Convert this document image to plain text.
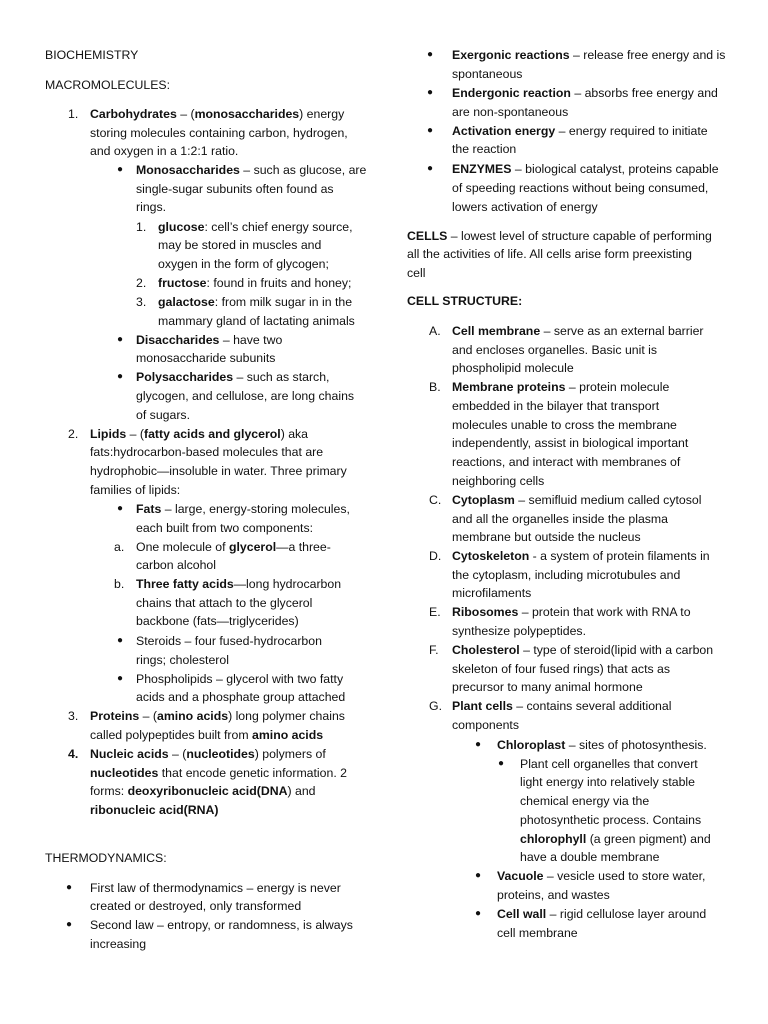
BIOCHEMISTRY
MACROMOLECULES:
1. Carbohydrates – (monosaccharides) energy
storing molecules containing carbon, hydrogen,
and oxygen in a 1:2:1 ratio.
● Monosaccharides – such as glucose, are
single-sugar subunits often found as
rings.
1. glucose: cell’s chief energy source,
may be stored in muscles and
oxygen in the form of glycogen;
2. fructose: found in fruits and honey;
3. galactose: from milk sugar in in the
mammary gland of lactating animals
● Disaccharides – have two
monosaccharide subunits
● Polysaccharides – such as starch,
glycogen, and cellulose, are long chains
of sugars.
2. Lipids – (fatty acids and glycerol) aka
fats:hydrocarbon-based molecules that are
hydrophobic—insoluble in water. Three primary
families of lipids:
● Fats – large, energy-storing molecules,
each built from two components:
a. One molecule of glycerol—a three-
carbon alcohol
b. Three fatty acids—long hydrocarbon
chains that attach to the glycerol
backbone (fats—triglycerides)
● Steroids – four fused-hydrocarbon
rings; cholesterol
● Phospholipids – glycerol with two fatty
acids and a phosphate group attached
3. Proteins – (amino acids) long polymer chains
called polypeptides built from amino acids
4. Nucleic acids – (nucleotides) polymers of
nucleotides that encode genetic information. 2
forms: deoxyribonucleic acid(DNA) and
ribonucleic acid(RNA)
THERMODYNAMICS:
● First law of thermodynamics – energy is never
created or destroyed, only transformed
● Second law – entropy, or randomness, is always
increasing
● Exergonic reactions – release free energy and is
spontaneous
● Endergonic reaction – absorbs free energy and
are non-spontaneous
● Activation energy – energy required to initiate
the reaction
● ENZYMES – biological catalyst, proteins capable
of speeding reactions without being consumed,
lowers activation of energy
CELLS – lowest level of structure capable of performing
all the activities of life. All cells arise form preexisting
cell
CELL STRUCTURE:
A. Cell membrane – serve as an external barrier
and encloses organelles. Basic unit is
phospholipid molecule
B. Membrane proteins – protein molecule
embedded in the bilayer that transport
molecules unable to cross the membrane
independently, assist in biological important
reactions, and interact with membranes of
neighboring cells
C. Cytoplasm – semifluid medium called cytosol
and all the organelles inside the plasma
membrane but outside the nucleus
D. Cytoskeleton - a system of protein filaments in
the cytoplasm, including microtubules and
microfilaments
E. Ribosomes – protein that work with RNA to
synthesize polypeptides.
F. Cholesterol – type of steroid(lipid with a carbon
skeleton of four fused rings) that acts as
precursor to many animal hormone
G. Plant cells – contains several additional
components
● Chloroplast – sites of photosynthesis.
● Plant cell organelles that convert
light energy into relatively stable
chemical energy via the
photosynthetic process. Contains
chlorophyll (a green pigment) and
have a double membrane
● Vacuole – vesicle used to store water,
proteins, and wastes
● Cell wall – rigid cellulose layer around
cell membrane
